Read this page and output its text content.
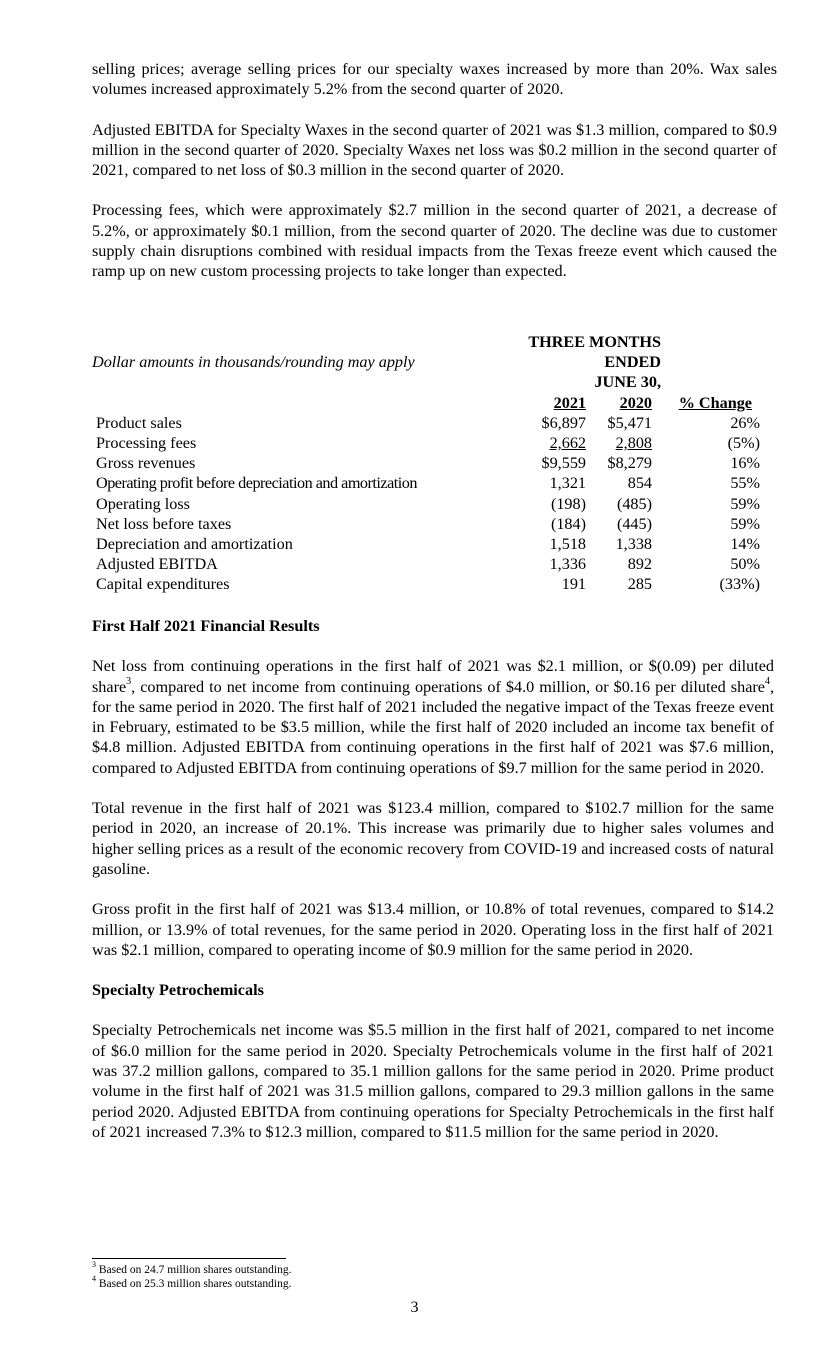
selling prices; average selling prices for our specialty waxes increased by more than 20%. Wax sales volumes increased approximately 5.2% from the second quarter of 2020.

Adjusted EBITDA for Specialty Waxes in the second quarter of 2021 was $1.3 million, compared to $0.9 million in the second quarter of 2020. Specialty Waxes net loss was $0.2 million in the second quarter of 2021, compared to net loss of $0.3 million in the second quarter of 2020.

Processing fees, which were approximately $2.7 million in the second quarter of 2021, a decrease of 5.2%, or approximately $0.1 million, from the second quarter of 2020. The decline was due to customer supply chain disruptions combined with residual impacts from the Texas freeze event which caused the ramp up on new custom processing projects to take longer than expected.

Dollar amounts in thousands/rounding may apply
THREE MONTHS
ENDED
JUNE 30,
2021 2020 % Change
Product sales	$6,897 $5,471	26%
Processing fees	2,662 2,808	(5%)
Gross revenues	$9,559 $8,279	16%
Operating profit before depreciation and amortization	1,321	854	55%
Operating loss	(198) (485)	59%
Net loss before taxes	(184) (445)	59%
Depreciation and amortization	1,518 1,338	14%
Adjusted EBITDA	1,336	892	50%
Capital expenditures	191	285	(33%)

First Half 2021 Financial Results

Net loss from continuing operations in the first half of 2021 was $2.1 million, or $(0.09) per diluted share$^3$, compared to net income from continuing operations of $4.0 million, or $0.16 per diluted share$^4$, for the same period in 2020. The first half of 2021 included the negative impact of the Texas freeze event in February, estimated to be $3.5 million, while the first half of 2020 included an income tax benefit of $4.8 million. Adjusted EBITDA from continuing operations in the first half of 2021 was $7.6 million, compared to Adjusted EBITDA from continuing operations of $9.7 million for the same period in 2020.

Total revenue in the first half of 2021 was $123.4 million, compared to $102.7 million for the same period in 2020, an increase of 20.1%. This increase was primarily due to higher sales volumes and higher selling prices as a result of the economic recovery from COVID-19 and increased costs of natural gasoline.

Gross profit in the first half of 2021 was $13.4 million, or 10.8% of total revenues, compared to $14.2 million, or 13.9% of total revenues, for the same period in 2020. Operating loss in the first half of 2021 was $2.1 million, compared to operating income of $0.9 million for the same period in 2020.

Specialty Petrochemicals

Specialty Petrochemicals net income was $5.5 million in the first half of 2021, compared to net income of $6.0 million for the same period in 2020. Specialty Petrochemicals volume in the first half of 2021 was 37.2 million gallons, compared to 35.1 million gallons for the same period in 2020. Prime product volume in the first half of 2021 was 31.5 million gallons, compared to 29.3 million gallons in the same period 2020. Adjusted EBITDA from continuing operations for Specialty Petrochemicals in the first half of 2021 increased 7.3% to $12.3 million, compared to $11.5 million for the same period in 2020.

$^3$ Based on 24.7 million shares outstanding.
$^4$ Based on 25.3 million shares outstanding.
3
